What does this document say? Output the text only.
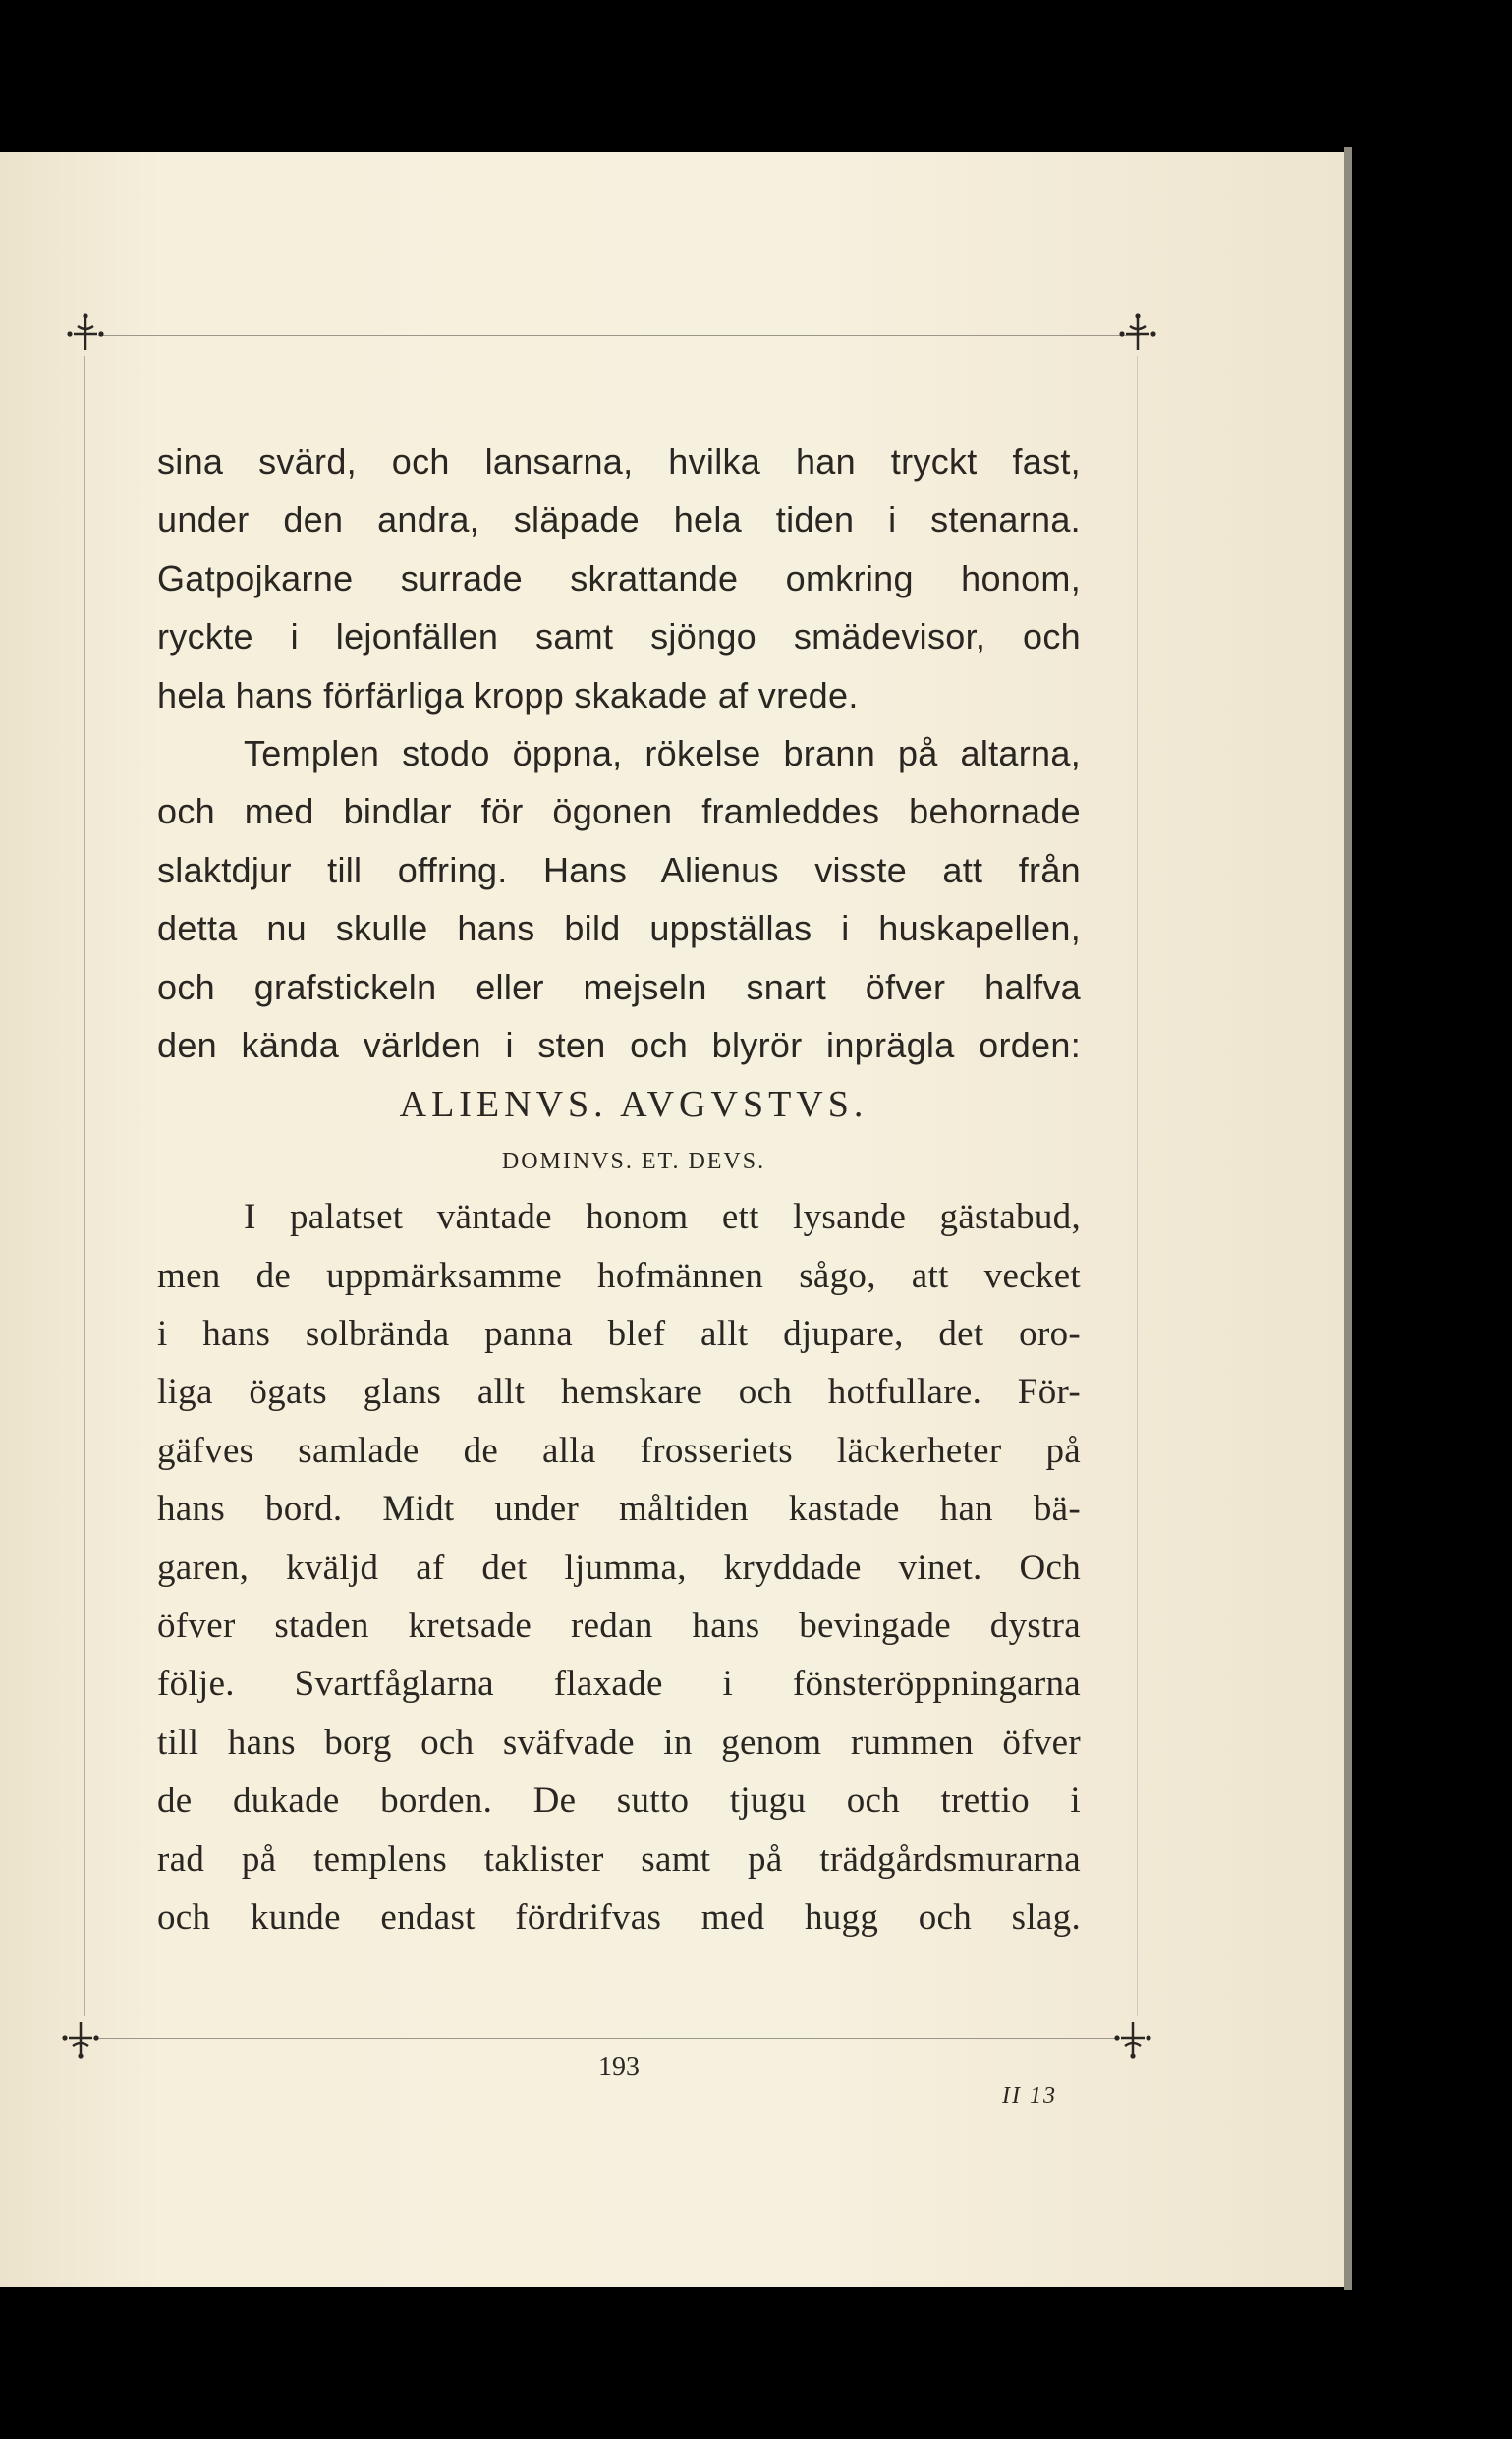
sina svärd, och lansarna, hvilka han tryckt fast,
under den andra, släpade hela tiden i stenarna.
Gatpojkarne surrade skrattande omkring honom,
ryckte i lejonfällen samt sjöngo smädevisor, och
hela hans förfärliga kropp skakade af vrede.
Templen stodo öppna, rökelse brann på altarna,
och med bindlar för ögonen framleddes behornade
slaktdjur till offring. Hans Alienus visste att från
detta nu skulle hans bild uppställas i huskapellen,
och grafstickeln eller mejseln snart öfver halfva
den kända världen i sten och blyrör inprägla orden:
ALIENVS. AVGVSTVS.
DOMINVS. ET. DEVS.
I palatset väntade honom ett lysande gästabud,
men de uppmärksamme hofmännen sågo, att vecket
i hans solbrända panna blef allt djupare, det oro-
liga ögats glans allt hemskare och hotfullare. För-
gäfves samlade de alla frosseriets läckerheter på
hans bord. Midt under måltiden kastade han bä-
garen, kväljd af det ljumma, kryddade vinet. Och
öfver staden kretsade redan hans bevingade dystra
följe. Svartfåglarna flaxade i fönsteröppningarna
till hans borg och sväfvade in genom rummen öfver
de dukade borden. De sutto tjugu och trettio i
rad på templens taklister samt på trädgårdsmurarna
och kunde endast fördrifvas med hugg och slag.
193
II 13
